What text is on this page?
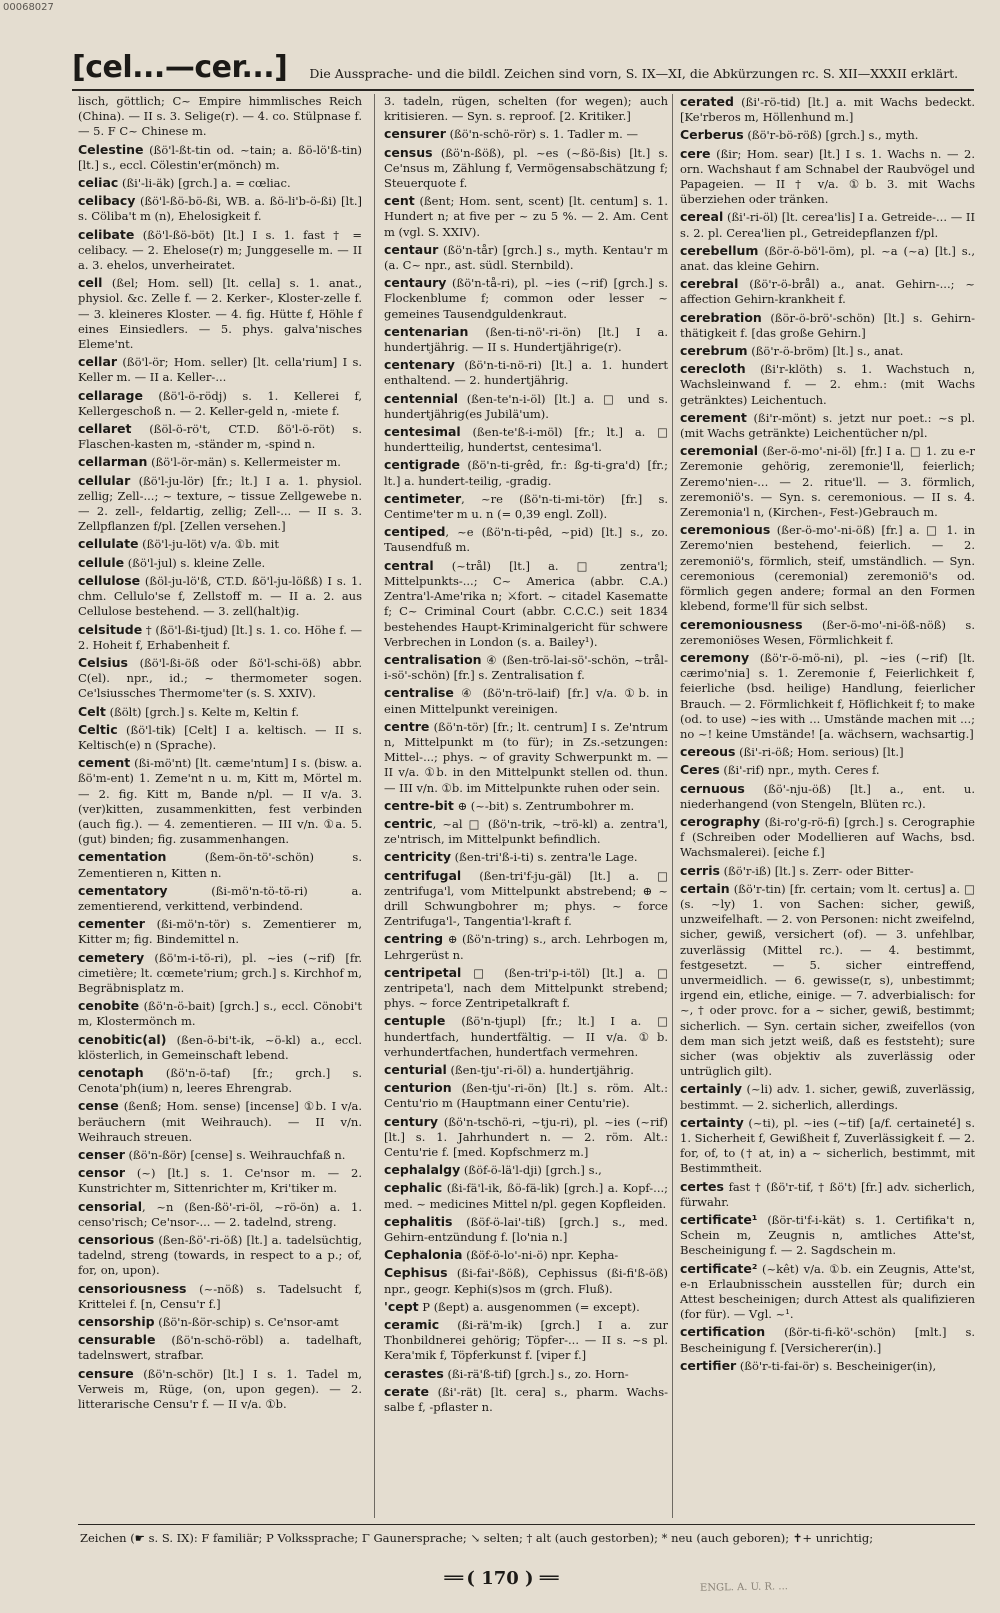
00068027
[cel...—cer...] Die Aussprache- und die bildl. Zeichen sind vorn, S. IX—XI, die Abkürzungen rc. S. XII—XXXII erklärt.
lisch, göttlich; C~ Empire himmlisches Reich (China). — II s. 3. Selige(r). — 4. co. Stülpnase f. — 5. F C~ Chinese m.
Celestine (ßö'l-ßt-tin od. ~tain; a. ßö-lö'ß-tin) [lt.] s., eccl. Cölestin'er(mönch) m.
celiac (ßi'-li-äk) [grch.] a. = cœliac.
celibacy (ßö'l-ßö-bö-ßi, WB. a. ßö-li'b-ö-ßi) [lt.] s. Cöliba't m (n), Ehelosigkeit f.
celibate (ßö'l-ßö-böt) [lt.] I s. 1. fast † = celibacy. — 2. Ehelose(r) m; Junggeselle m. — II a. 3. ehelos, unverheiratet.
cell (ßel; Hom. sell) [lt. cella] s. 1. anat., physiol. &c. Zelle f. — 2. Kerker-, Kloster-zelle f. — 3. kleineres Kloster. — 4. fig. Hütte f, Höhle f eines Einsiedlers. — 5. phys. galva'nisches Eleme'nt.
cellar (ßö'l-ör; Hom. seller) [lt. cella'rium] I s. Keller m. — II a. Keller-...
cellarage (ßö'l-ö-rödj) s. 1. Kellerei f, Kellergeschoß n. — 2. Keller-geld n, -miete f.
cellaret (ßöl-ö-rö't, CT.D. ßö'l-ö-röt) s. Flaschen-kasten m, -ständer m, -spind n.
cellarman (ßö'l-ör-män) s. Kellermeister m.
cellular (ßö'l-ju-lör) [fr.; lt.] I a. 1. physiol. zellig; Zell-...; ~ texture, ~ tissue Zellgewebe n. — 2. zell-, feldartig, zellig; Zell-... — II s. 3. Zellpflanzen f/pl. [Zellen versehen.]
cellulate (ßö'l-ju-löt) v/a. ①b. mit
cellule (ßö'l-jul) s. kleine Zelle.
cellulose (ßöl-ju-lö'ß, CT.D. ßö'l-ju-lößß) I s. 1. chm. Cellulo'se f, Zellstoff m. — II a. 2. aus Cellulose bestehend. — 3. zell(halt)ig.
celsitude † (ßö'l-ßi-tjud) [lt.] s. 1. co. Höhe f. — 2. Hoheit f, Erhabenheit f.
Celsius (ßö'l-ßi-öß oder ßö'l-schi-öß) abbr. C(el). npr., id.; ~ thermometer sogen. Ce'lsiussches Thermome'ter (s. S. XXIV).
Celt (ßölt) [grch.] s. Kelte m, Keltin f.
Celtic (ßö'l-tik) [Celt] I a. keltisch. — II s. Keltisch(e) n (Sprache).
cement (ßi-mö'nt) [lt. cæme'ntum] I s. (bisw. a. ßö'm-ent) 1. Zeme'nt n u. m, Kitt m, Mörtel m. — 2. fig. Kitt m, Bande n/pl. — II v/a. 3. (ver)kitten, zusammenkitten, fest verbinden (auch fig.). — 4. zementieren. — III v/n. ①a. 5. (gut) binden; fig. zusammenhangen.
cementation (ßem-ön-tö'-schön) s. Zementieren n, Kitten n.
cementatory (ßi-mö'n-tö-tö-ri) a. zementierend, verkittend, verbindend.
cementer (ßi-mö'n-tör) s. Zementierer m, Kitter m; fig. Bindemittel n.
cemetery (ßö'm-i-tö-ri), pl. ~ies (~rif) [fr. cimetière; lt. cœmete'rium; grch.] s. Kirchhof m, Begräbnisplatz m.
cenobite (ßö'n-ö-bait) [grch.] s., eccl. Cönobi't m, Klostermönch m.
cenobitic(al) (ßen-ö-bi't-ik, ~ö-kl) a., eccl. klösterlich, in Gemeinschaft lebend.
cenotaph (ßö'n-ö-taf) [fr.; grch.] s. Cenota'ph(ium) n, leeres Ehrengrab.
cense (ßenß; Hom. sense) [incense] ①b. I v/a. beräuchern (mit Weihrauch). — II v/n. Weihrauch streuen.
censer (ßö'n-ßör) [cense] s. Weihrauchfaß n.
censor (~) [lt.] s. 1. Ce'nsor m. — 2. Kunstrichter m, Sittenrichter m, Kri'tiker m.
censorial, ~n (ßen-ßö'-ri-öl, ~rö-ön) a. 1. censo'risch; Ce'nsor-... — 2. tadelnd, streng.
censorious (ßen-ßö'-ri-öß) [lt.] a. tadelsüchtig, tadelnd, streng (towards, in respect to a p.; of, for, on, upon).
censoriousness (~-nöß) s. Tadelsucht f, Krittelei f. [n, Censu'r f.]
censorship (ßö'n-ßör-schip) s. Ce'nsor-amt
censurable (ßö'n-schö-röbl) a. tadelhaft, tadelnswert, strafbar.
censure (ßö'n-schör) [lt.] I s. 1. Tadel m, Verweis m, Rüge, (on, upon gegen). — 2. litterarische Censu'r f. — II v/a. ①b.
3. tadeln, rügen, schelten (for wegen); auch kritisieren. — Syn. s. reproof. [2. Kritiker.]
censurer (ßö'n-schö-rör) s. 1. Tadler m. —
census (ßö'n-ßöß), pl. ~es (~ßö-ßis) [lt.] s. Ce'nsus m, Zählung f, Vermögensabschätzung f; Steuerquote f.
cent (ßent; Hom. sent, scent) [lt. centum] s. 1. Hundert n; at five per ~ zu 5 %. — 2. Am. Cent m (vgl. S. XXIV).
centaur (ßö'n-tår) [grch.] s., myth. Kentau'r m (a. C~ npr., ast. südl. Sternbild).
centaury (ßö'n-tå-ri), pl. ~ies (~rif) [grch.] s. Flockenblume f; common oder lesser ~ gemeines Tausendguldenkraut.
centenarian (ßen-ti-nö'-ri-ön) [lt.] I a. hundertjährig. — II s. Hundertjährige(r).
centenary (ßö'n-ti-nö-ri) [lt.] a. 1. hundert enthaltend. — 2. hundertjährig.
centennial (ßen-te'n-i-öl) [lt.] a. □ und s. hundertjährig(es Jubilä'um).
centesimal (ßen-te'ß-i-möl) [fr.; lt.] a. □ hundertteilig, hundertst, centesima'l.
centigrade (ßö'n-ti-grêd, fr.: ßg-ti-gra'd) [fr.; lt.] a. hundert-teilig, -gradig.
centimeter, ~re (ßö'n-ti-mi-tör) [fr.] s. Centime'ter m u. n (= 0,39 engl. Zoll).
centiped, ~e (ßö'n-ti-pêd, ~pid) [lt.] s., zo. Tausendfuß m.
central (~trål) [lt.] a. □ zentra'l; Mittelpunkts-...; C~ America (abbr. C.A.) Zentra'l-Ame'rika n; ⚔fort. ~ citadel Kasematte f; C~ Criminal Court (abbr. C.C.C.) seit 1834 bestehendes Haupt-Kriminalgericht für schwere Verbrechen in London (s. a. Bailey¹).
centralisation ④ (ßen-trö-lai-sö'-schön, ~trål-i-sö'-schön) [fr.] s. Zentralisation f.
centralise ④ (ßö'n-trö-laif) [fr.] v/a. ①b. in einen Mittelpunkt vereinigen.
centre (ßö'n-tör) [fr.; lt. centrum] I s. Ze'ntrum n, Mittelpunkt m (to für); in Zs.-setzungen: Mittel-...; phys. ~ of gravity Schwerpunkt m. — II v/a. ①b. in den Mittelpunkt stellen od. thun. — III v/n. ①b. im Mittelpunkte ruhen oder sein.
centre-bit ⊕ (~-bit) s. Zentrumbohrer m.
centric, ~al □ (ßö'n-trik, ~trö-kl) a. zentra'l, ze'ntrisch, im Mittelpunkt befindlich.
centricity (ßen-tri'ß-i-ti) s. zentra'le Lage.
centrifugal (ßen-tri'f-ju-gäl) [lt.] a. □ zentrifuga'l, vom Mittelpunkt abstrebend; ⊕ ~ drill Schwungbohrer m; phys. ~ force Zentrifuga'l-, Tangentia'l-kraft f.
centring ⊕ (ßö'n-tring) s., arch. Lehrbogen m, Lehrgerüst n.
centripetal □ (ßen-tri'p-i-töl) [lt.] a. □ zentripeta'l, nach dem Mittelpunkt strebend; phys. ~ force Zentripetalkraft f.
centuple (ßö'n-tjupl) [fr.; lt.] I a. □ hundertfach, hundertfältig. — II v/a. ①b. verhundertfachen, hundertfach vermehren.
centurial (ßen-tju'-ri-öl) a. hundertjährig.
centurion (ßen-tju'-ri-ön) [lt.] s. röm. Alt.: Centu'rio m (Hauptmann einer Centu'rie).
century (ßö'n-tschö-ri, ~tju-ri), pl. ~ies (~rif) [lt.] s. 1. Jahrhundert n. — 2. röm. Alt.: Centu'rie f. [med. Kopfschmerz m.]
cephalalgy (ßöf-ö-lä'l-dji) [grch.] s.,
cephalic (ßi-fä'l-ik, ßö-fä-lik) [grch.] a. Kopf-...; med. ~ medicines Mittel n/pl. gegen Kopfleiden.
cephalitis (ßöf-ö-lai'-tiß) [grch.] s., med. Gehirn-entzündung f. [lo'nia n.]
Cephalonia (ßöf-ö-lo'-ni-ö) npr. Kepha-
Cephisus (ßi-fai'-ßöß), Cephissus (ßi-fi'ß-öß) npr., geogr. Kephi(s)sos m (grch. Fluß).
'cept P (ßept) a. ausgenommen (= except).
ceramic (ßi-rä'm-ik) [grch.] I a. zur Thonbildnerei gehörig; Töpfer-... — II s. ~s pl. Kera'mik f, Töpferkunst f. [viper f.]
cerastes (ßi-rä'ß-tif) [grch.] s., zo. Horn-
cerate (ßi'-rät) [lt. cera] s., pharm. Wachs-salbe f, -pflaster n.
cerated (ßi'-rö-tid) [lt.] a. mit Wachs bedeckt. [Ke'rberos m, Höllenhund m.]
Cerberus (ßö'r-bö-röß) [grch.] s., myth.
cere (ßir; Hom. sear) [lt.] I s. 1. Wachs n. — 2. orn. Wachshaut f am Schnabel der Raubvögel und Papageien. — II † v/a. ①b. 3. mit Wachs überziehen oder tränken.
cereal (ßi'-ri-öl) [lt. cerea'lis] I a. Getreide-... — II s. 2. pl. Cerea'lien pl., Getreidepflanzen f/pl.
cerebellum (ßör-ö-bö'l-öm), pl. ~a (~a) [lt.] s., anat. das kleine Gehirn.
cerebral (ßö'r-ö-brål) a., anat. Gehirn-...; ~ affection Gehirn-krankheit f.
cerebration (ßör-ö-brö'-schön) [lt.] s. Gehirn-thätigkeit f. [das große Gehirn.]
cerebrum (ßö'r-ö-bröm) [lt.] s., anat.
cerecloth (ßi'r-klöth) s. 1. Wachstuch n, Wachsleinwand f. — 2. ehm.: (mit Wachs getränktes) Leichentuch.
cerement (ßi'r-mönt) s. jetzt nur poet.: ~s pl. (mit Wachs getränkte) Leichentücher n/pl.
ceremonial (ßer-ö-mo'-ni-öl) [fr.] I a. □ 1. zu e-r Zeremonie gehörig, zeremonie'll, feierlich; Zeremo'nien-... — 2. ritue'll. — 3. förmlich, zeremoniö's. — Syn. s. ceremonious. — II s. 4. Zeremonia'l n, (Kirchen-, Fest-)Gebrauch m.
ceremonious (ßer-ö-mo'-ni-öß) [fr.] a. □ 1. in Zeremo'nien bestehend, feierlich. — 2. zeremoniö's, förmlich, steif, umständlich. — Syn. ceremonious (ceremonial) zeremoniö's od. förmlich gegen andere; formal an den Formen klebend, forme'll für sich selbst.
ceremoniousness (ßer-ö-mo'-ni-öß-nöß) s. zeremoniöses Wesen, Förmlichkeit f.
ceremony (ßö'r-ö-mö-ni), pl. ~ies (~rif) [lt. cærimo'nia] s. 1. Zeremonie f, Feierlichkeit f, feierliche (bsd. heilige) Handlung, feierlicher Brauch. — 2. Förmlichkeit f, Höflichkeit f; to make (od. to use) ~ies with ... Umstände machen mit ...; no ~! keine Umstände! [a. wächsern, wachsartig.]
cereous (ßi'-ri-öß; Hom. serious) [lt.]
Ceres (ßi'-rif) npr., myth. Ceres f.
cernuous (ßö'-nju-öß) [lt.] a., ent. u. niederhangend (von Stengeln, Blüten rc.).
cerography (ßi-ro'g-rö-fi) [grch.] s. Cerographie f (Schreiben oder Modellieren auf Wachs, bsd. Wachsmalerei). [eiche f.]
cerris (ßö'r-iß) [lt.] s. Zerr- oder Bitter-
certain (ßö'r-tin) [fr. certain; vom lt. certus] a. □ (s. ~ly) 1. von Sachen: sicher, gewiß, unzweifelhaft. — 2. von Personen: nicht zweifelnd, sicher, gewiß, versichert (of). — 3. unfehlbar, zuverlässig (Mittel rc.). — 4. bestimmt, festgesetzt. — 5. sicher eintreffend, unvermeidlich. — 6. gewisse(r, s), unbestimmt; irgend ein, etliche, einige. — 7. adverbialisch: for ~, † oder provc. for a ~ sicher, gewiß, bestimmt; sicherlich. — Syn. certain sicher, zweifellos (von dem man sich jetzt weiß, daß es feststeht); sure sicher (was objektiv als zuverlässig oder untrüglich gilt).
certainly (~li) adv. 1. sicher, gewiß, zuverlässig, bestimmt. — 2. sicherlich, allerdings.
certainty (~ti), pl. ~ies (~tif) [a/f. certaineté] s. 1. Sicherheit f, Gewißheit f, Zuverlässigkeit f. — 2. for, of, to († at, in) a ~ sicherlich, bestimmt, mit Bestimmtheit.
certes fast † (ßö'r-tif, † ßö't) [fr.] adv. sicherlich, fürwahr.
certificate¹ (ßör-ti'f-i-kät) s. 1. Certifika't n, Schein m, Zeugnis n, amtliches Atte'st, Bescheinigung f. — 2. Sagdschein m.
certificate² (~kêt) v/a. ①b. ein Zeugnis, Atte'st, e-n Erlaubnisschein ausstellen für; durch ein Attest bescheinigen; durch Attest als qualifizieren (for für). — Vgl. ~¹.
certification (ßör-ti-fi-kö'-schön) [mlt.] s. Bescheinigung f. [Versicherer(in).]
certifier (ßö'r-ti-fai-ör) s. Bescheiniger(in),
Zeichen (☛ s. S. IX): F familiär; P Volkssprache; Γ Gaunersprache; ↘ selten; † alt (auch gestorben); * neu (auch geboren); ✝+ unrichtig;
══ ( 170 ) ══	ENGL. A. U. R. ...
